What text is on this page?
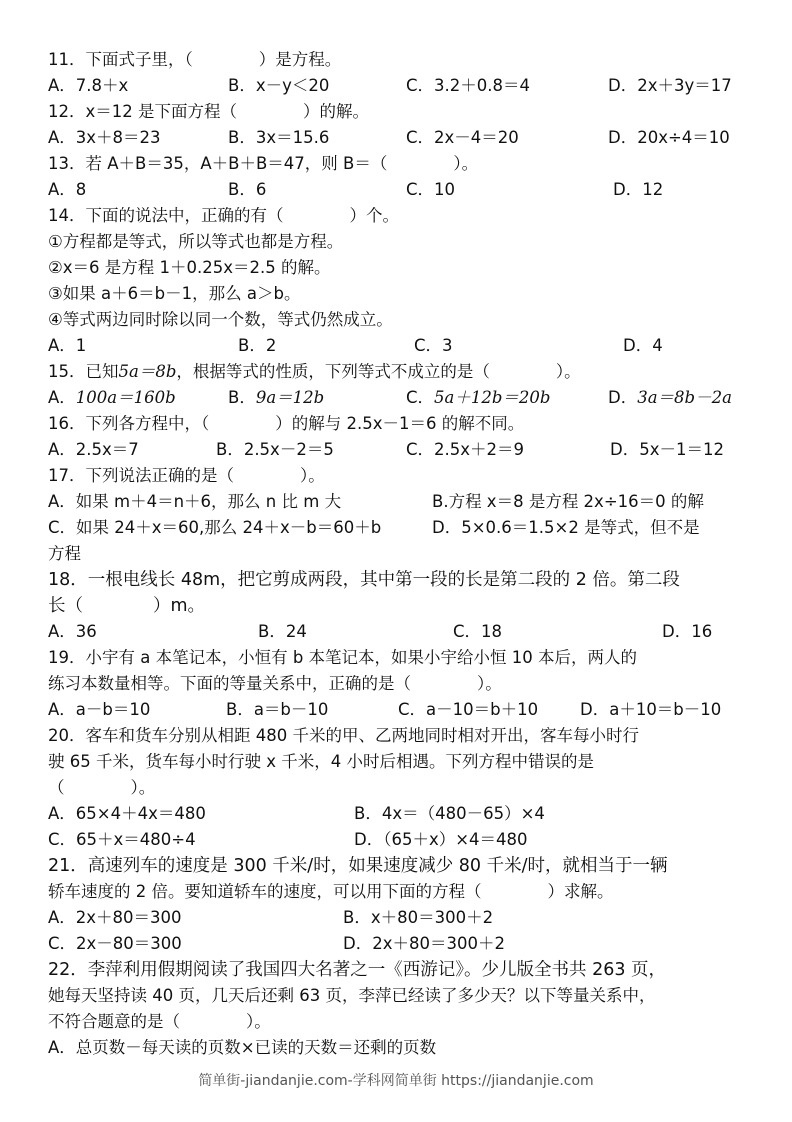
11．下面式子里，（　　　　）是方程。
A．7.8＋x	B．x－y＜20	C．3.2＋0.8＝4	D．2x＋3y＝17
12．x＝12 是下面方程（　　　　）的解。
A．3x＋8＝23	B．3x＝15.6	C．2x－4＝20	D．20x÷4＝10
13．若 A＋B＝35，A＋B＋B＝47，则 B＝（　　　　）。
A．8	B．6	C．10	D．12
14．下面的说法中，正确的有（　　　　）个。
①方程都是等式，所以等式也都是方程。
②x＝6 是方程 1＋0.25x＝2.5 的解。
③如果 a＋6＝b－1，那么 a＞b。
④等式两边同时除以同一个数，等式仍然成立。
A．1	B．2	C．3	D．4
15．已知5a＝8b，根据等式的性质，下列等式不成立的是（　　　　）。
A．100a＝160b	B．9a＝12b	C．5a＋12b＝20b	D．3a＝8b－2a
16．下列各方程中，（　　　　）的解与 2.5x－1＝6 的解不同。
A．2.5x＝7	B．2.5x－2＝5	C．2.5x＋2＝9	D．5x－1＝12
17．下列说法正确的是（　　　　）。
A．如果 m＋4＝n＋6，那么 n 比 m 大	B.方程 x＝8 是方程 2x÷16＝0 的解
C．如果 24＋x＝60,那么 24＋x－b＝60＋b	D．5×0.6＝1.5×2 是等式，但不是
方程
18．一根电线长 48m，把它剪成两段，其中第一段的长是第二段的 2 倍。第二段
长（　　　　）m。
A．36	B．24	C．18	D．16
19．小宇有 a 本笔记本，小恒有 b 本笔记本，如果小宇给小恒 10 本后，两人的
练习本数量相等。下面的等量关系中，正确的是（　　　　）。
A．a－b＝10	B．a＝b－10	C．a－10＝b＋10	D．a＋10＝b－10
20．客车和货车分别从相距 480 千米的甲、乙两地同时相对开出，客车每小时行
驶 65 千米，货车每小时行驶 x 千米，4 小时后相遇。下列方程中错误的是
（　　　　）。
A．65×4＋4x＝480	B．4x＝（480－65）×4
C．65＋x＝480÷4	D．（65＋x）×4＝480
21．高速列车的速度是 300 千米/时，如果速度减少 80 千米/时，就相当于一辆
轿车速度的 2 倍。要知道轿车的速度，可以用下面的方程（　　　　）求解。
A．2x＋80＝300	B．x＋80＝300＋2
C．2x－80＝300	D．2x＋80＝300＋2
22．李萍利用假期阅读了我国四大名著之一《西游记》。少儿版全书共 263 页，
她每天坚持读 40 页，几天后还剩 63 页，李萍已经读了多少天？以下等量关系中，
不符合题意的是（　　　　）。
A．总页数－每天读的页数×已读的天数＝还剩的页数
简单街-jiandanjie.com-学科网简单街 https://jiandanjie.com
